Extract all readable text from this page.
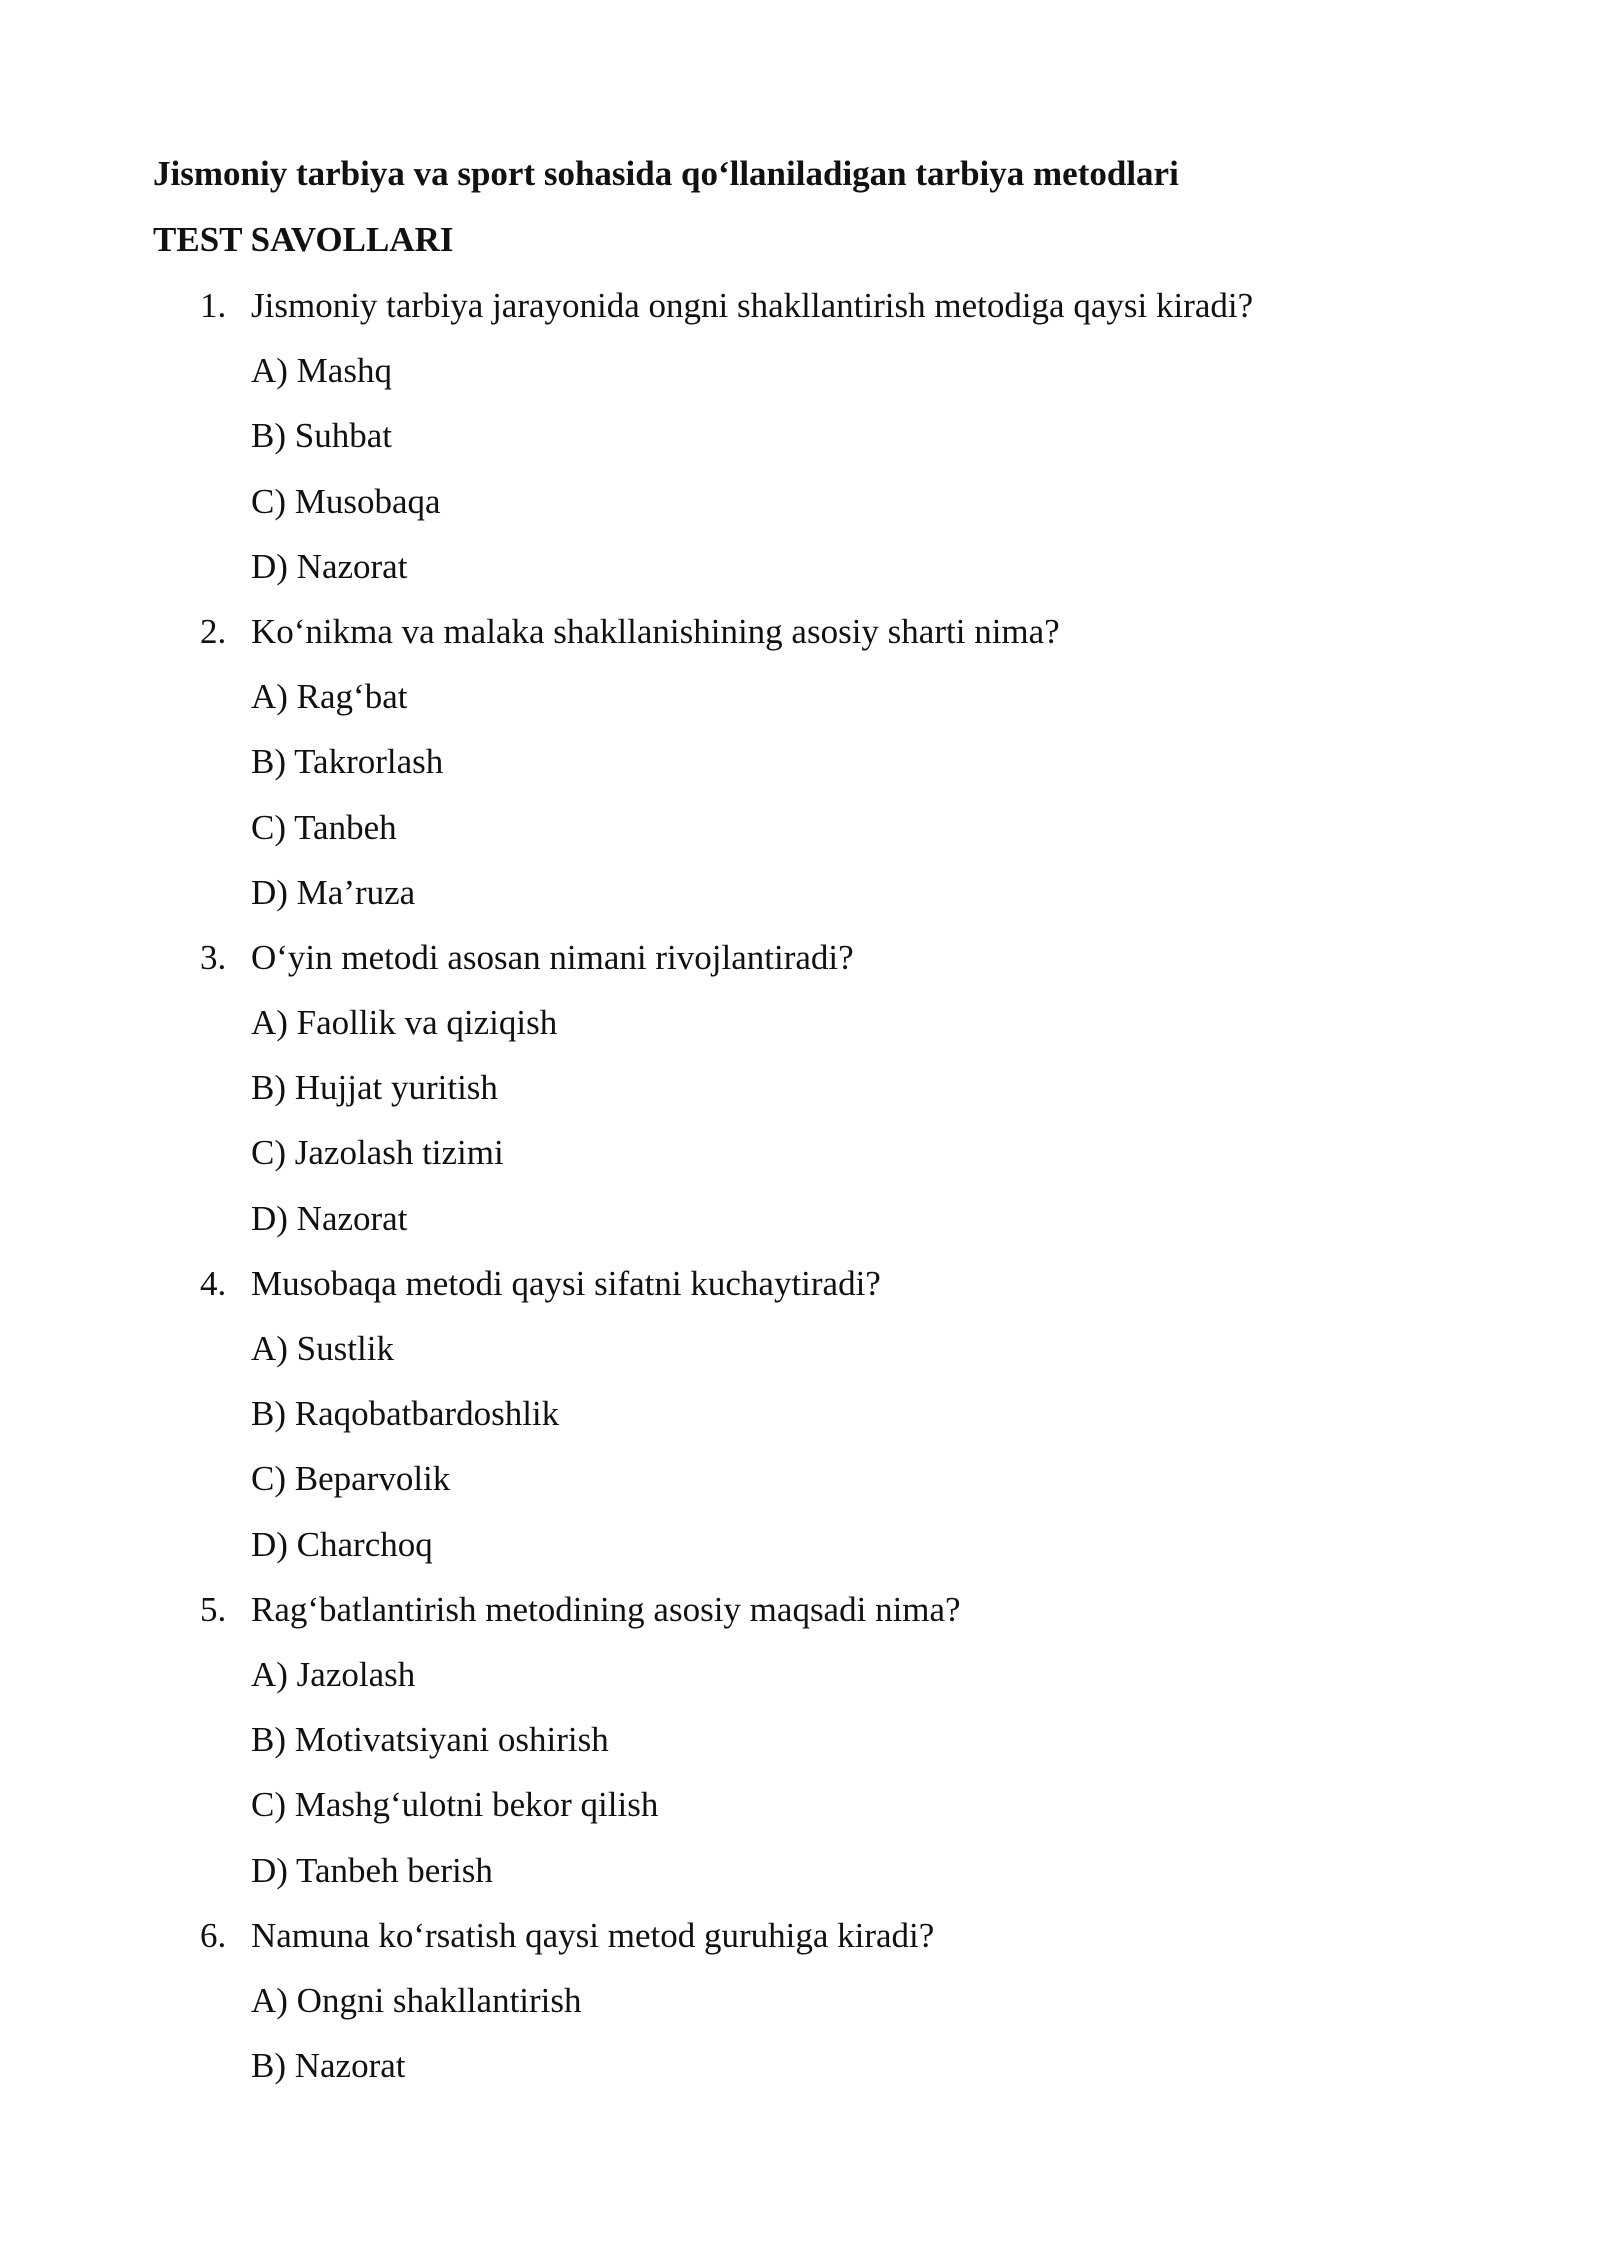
Jismoniy tarbiya va sport sohasida qo‘llaniladigan tarbiya metodlari
TEST SAVOLLARI
1. Jismoniy tarbiya jarayonida ongni shakllantirish metodiga qaysi kiradi?
A) Mashq
B) Suhbat
C) Musobaqa
D) Nazorat
2. Ko‘nikma va malaka shakllanishining asosiy sharti nima?
A) Rag‘bat
B) Takrorlash
C) Tanbeh
D) Ma’ruza
3. O‘yin metodi asosan nimani rivojlantiradi?
A) Faollik va qiziqish
B) Hujjat yuritish
C) Jazolash tizimi
D) Nazorat
4. Musobaqa metodi qaysi sifatni kuchaytiradi?
A) Sustlik
B) Raqobatbardoshlik
C) Beparvolik
D) Charchoq
5. Rag‘batlantirish metodining asosiy maqsadi nima?
A) Jazolash
B) Motivatsiyani oshirish
C) Mashg‘ulotni bekor qilish
D) Tanbeh berish
6. Namuna ko‘rsatish qaysi metod guruhiga kiradi?
A) Ongni shakllantirish
B) Nazorat
